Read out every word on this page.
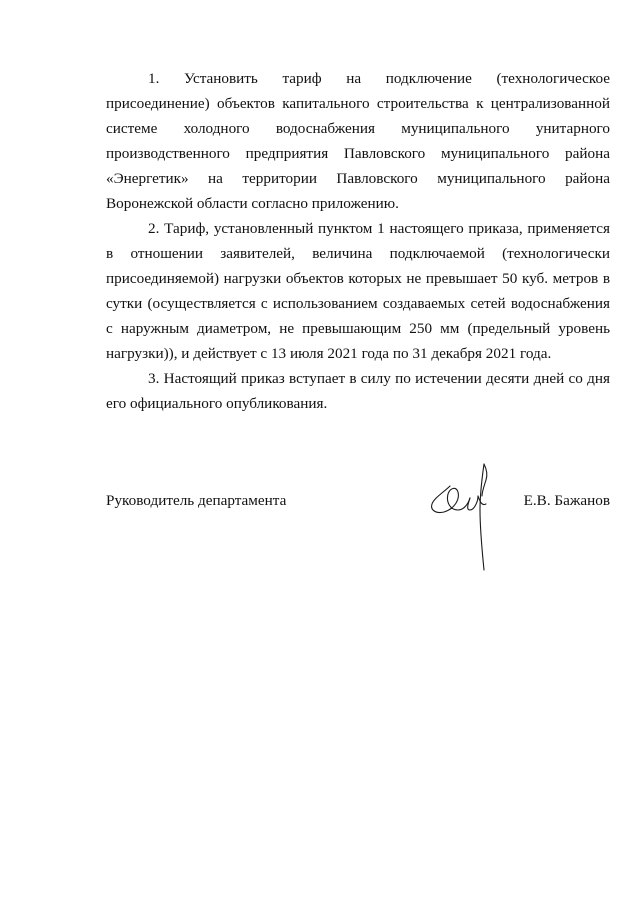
1. Установить тариф на подключение (технологическое присоединение) объектов капитального строительства к централизованной системе холодного водоснабжения муниципального унитарного производственного предприятия Павловского муниципального района «Энергетик» на территории Павловского муниципального района Воронежской области согласно приложению.

2. Тариф, установленный пунктом 1 настоящего приказа, применяется в отношении заявителей, величина подключаемой (технологически присоединяемой) нагрузки объектов которых не превышает 50 куб. метров в сутки (осуществляется с использованием создаваемых сетей водоснабжения с наружным диаметром, не превышающим 250 мм (предельный уровень нагрузки)), и действует с 13 июля 2021 года по 31 декабря 2021 года.

3. Настоящий приказ вступает в силу по истечении десяти дней со дня его официального опубликования.

Руководитель департамента	Е.В. Бажанов
